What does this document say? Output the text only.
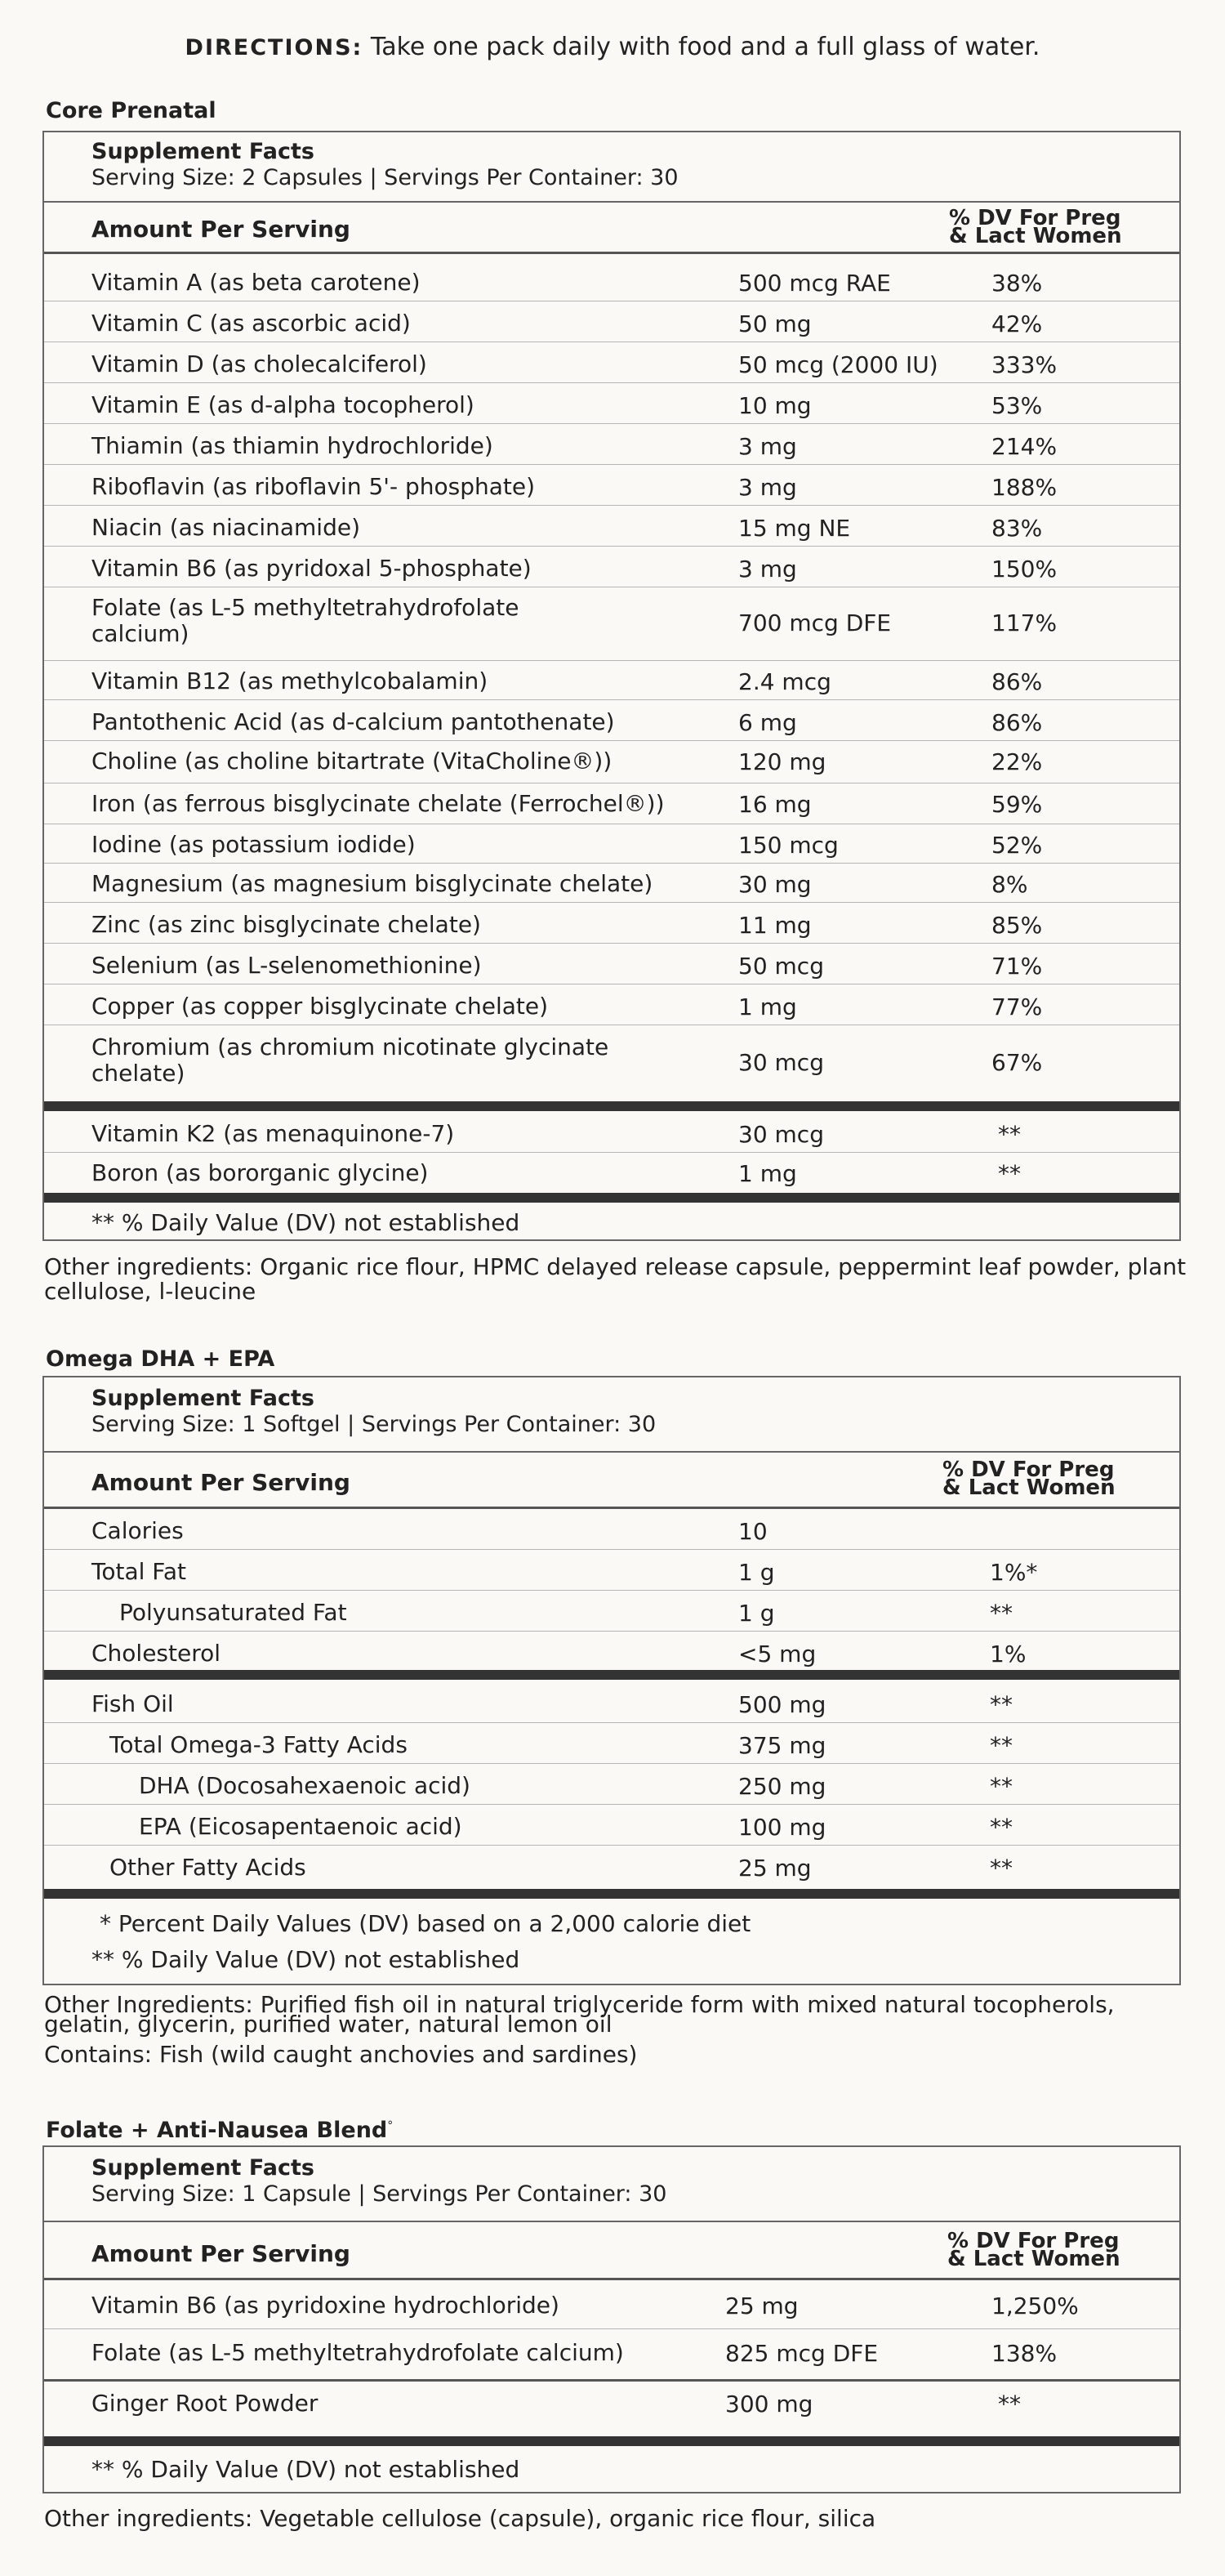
DIRECTIONS: Take one pack daily with food and a full glass of water.
Core Prenatal
Supplement Facts
Serving Size: 2 Capsules | Servings Per Container: 30
Amount Per Serving	% DV For Preg
& Lact Women
Vitamin A (as beta carotene)	500 mcg RAE	38%
Vitamin C (as ascorbic acid)	50 mg	42%
Vitamin D (as cholecalciferol)	50 mcg (2000 IU) 333%
Vitamin E (as d-alpha tocopherol)	10 mg	53%
Thiamin (as thiamin hydrochloride)	3 mg	214%
Riboflavin (as riboflavin 5'- phosphate)	3 mg	188%
Niacin (as niacinamide)	15 mg NE	83%
Vitamin B6 (as pyridoxal 5-phosphate)	3 mg	150%
Folate (as L-5 methyltetrahydrofolate calcium)	700 mcg DFE	117%
Vitamin B12 (as methylcobalamin)	2.4 mcg	86%
Pantothenic Acid (as d-calcium pantothenate)	6 mg	86%
Choline (as choline bitartrate (VitaCholine®))	120 mg	22%
Iron (as ferrous bisglycinate chelate (Ferrochel®))	16 mg	59%
Iodine (as potassium iodide)	150 mcg	52%
Magnesium (as magnesium bisglycinate chelate)	30 mg	8%
Zinc (as zinc bisglycinate chelate)	11 mg	85%
Selenium (as L-selenomethionine)	50 mcg	71%
Copper (as copper bisglycinate chelate)	1 mg	77%
Chromium (as chromium nicotinate glycinate chelate)	30 mcg	67%
Vitamin K2 (as menaquinone-7)	30 mcg	**
Boron (as bororganic glycine)	1 mg	**
** % Daily Value (DV) not established
Other ingredients: Organic rice flour, HPMC delayed release capsule, peppermint leaf powder, plant cellulose, l-leucine
Omega DHA + EPA
Supplement Facts
Serving Size: 1 Softgel | Servings Per Container: 30
Amount Per Serving	% DV For Preg
& Lact Women
Calories	10
Total Fat	1 g	1%*
Polyunsaturated Fat	1 g	**
Cholesterol	<5 mg	1%
Fish Oil	500 mg	**
Total Omega-3 Fatty Acids	375 mg	**
DHA (Docosahexaenoic acid)	250 mg	**
EPA (Eicosapentaenoic acid)	100 mg	**
Other Fatty Acids	25 mg	**
* Percent Daily Values (DV) based on a 2,000 calorie diet
** % Daily Value (DV) not established
Other Ingredients: Purified fish oil in natural triglyceride form with mixed natural tocopherols, gelatin, glycerin, purified water, natural lemon oil
Contains: Fish (wild caught anchovies and sardines)
Folate + Anti-Nausea Blend°
Supplement Facts
Serving Size: 1 Capsule | Servings Per Container: 30
Amount Per Serving	% DV For Preg
& Lact Women
Vitamin B6 (as pyridoxine hydrochloride)	25 mg	1,250%
Folate (as L-5 methyltetrahydrofolate calcium)	825 mcg DFE	138%
Ginger Root Powder	300 mg	**
** % Daily Value (DV) not established
Other ingredients: Vegetable cellulose (capsule), organic rice flour, silica
